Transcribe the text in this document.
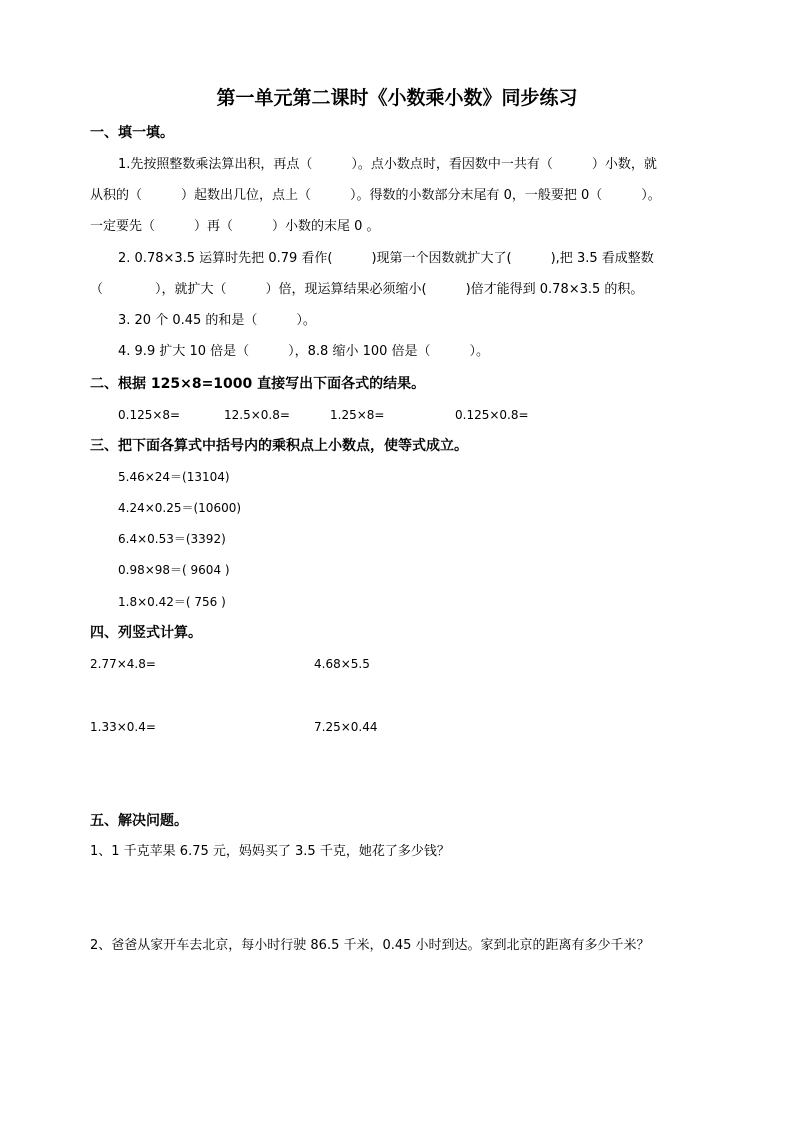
第一单元第二课时《小数乘小数》同步练习
一、填一填。
1.先按照整数乘法算出积，再点（　　　）。点小数点时，看因数中一共有（　　　）小数，就
从积的（　　　）起数出几位，点上（　　　）。得数的小数部分末尾有 0，一般要把 0（　　　）。
一定要先（　　　）再（　　　）小数的末尾 0 。
2. 0.78×3.5 运算时先把 0.79 看作(　　　)现第一个因数就扩大了(　　　),把 3.5 看成整数
（　　　　），就扩大（　　　）倍，现运算结果必须缩小(　　　)倍才能得到 0.78×3.5 的积。
3. 20 个 0.45 的和是（　　　）。
4. 9.9 扩大 10 倍是（　　　），8.8 缩小 100 倍是（　　　）。
二、根据 125×8=1000 直接写出下面各式的结果。
0.125×8=	12.5×0.8=	1.25×8=	0.125×0.8=
三、把下面各算式中括号内的乘积点上小数点，使等式成立。
5.46×24＝(13104)
4.24×0.25＝(10600)
6.4×0.53＝(3392)
0.98×98＝( 9604 )
1.8×0.42＝( 756 )
四、列竖式计算。
2.77×4.8=	4.68×5.5
1.33×0.4=	7.25×0.44
五、解决问题。
1、1 千克苹果 6.75 元，妈妈买了 3.5 千克，她花了多少钱？
2、爸爸从家开车去北京，每小时行驶 86.5 千米，0.45 小时到达。家到北京的距离有多少千米？
